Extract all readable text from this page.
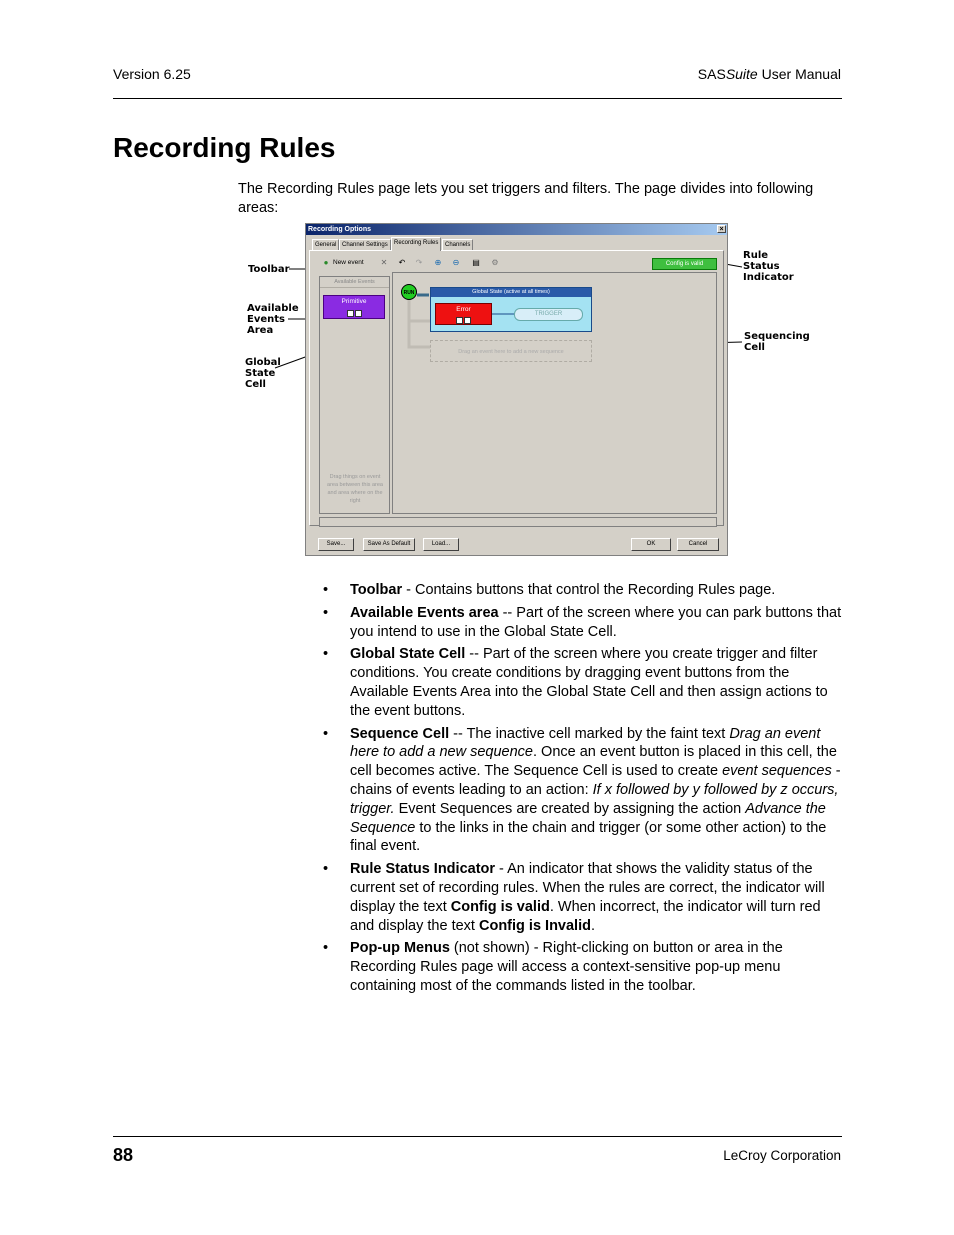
Version 6.25	SASSuite User Manual
Recording Rules

The Recording Rules page lets you set triggers and filters. The page divides into following areas:

Toolbar
Available
Events
Area
Global
State
Cell
Rule
Status
Indicator
Sequencing
Cell
Recording Options	×
General Channel Settings	Recording Rules	Channels
● New event ✕ ↶ ↷ ⊕ ⊖ ▤ ⚙	Config is valid
Available Events
Primitive
Drag things on event area between this area and area where on the right
RUN	Global State (active at all times)
Error
TRIGGER
Drag an event here to add a new sequence
Save...	Save As Default	Load...	OK	Cancel
• Toolbar - Contains buttons that control the Recording Rules page.
• Available Events area -- Part of the screen where you can park buttons that you intend to use in the Global State Cell.
• Global State Cell -- Part of the screen where you create trigger and filter conditions. You create conditions by dragging event buttons from the Available Events Area into the Global State Cell and then assign actions to the event buttons.
• Sequence Cell -- The inactive cell marked by the faint text Drag an event here to add a new sequence. Once an event button is placed in this cell, the cell becomes active. The Sequence Cell is used to create event sequences - chains of events leading to an action: If x followed by y followed by z occurs, trigger. Event Sequences are created by assigning the action Advance the Sequence to the links in the chain and trigger (or some other action) to the final event.
• Rule Status Indicator - An indicator that shows the validity status of the current set of recording rules. When the rules are correct, the indicator will display the text Config is valid. When incorrect, the indicator will turn red and display the text Config is Invalid.
• Pop-up Menus (not shown) - Right-clicking on button or area in the Recording Rules page will access a context-sensitive pop-up menu containing most of the commands listed in the toolbar.
88	LeCroy Corporation
